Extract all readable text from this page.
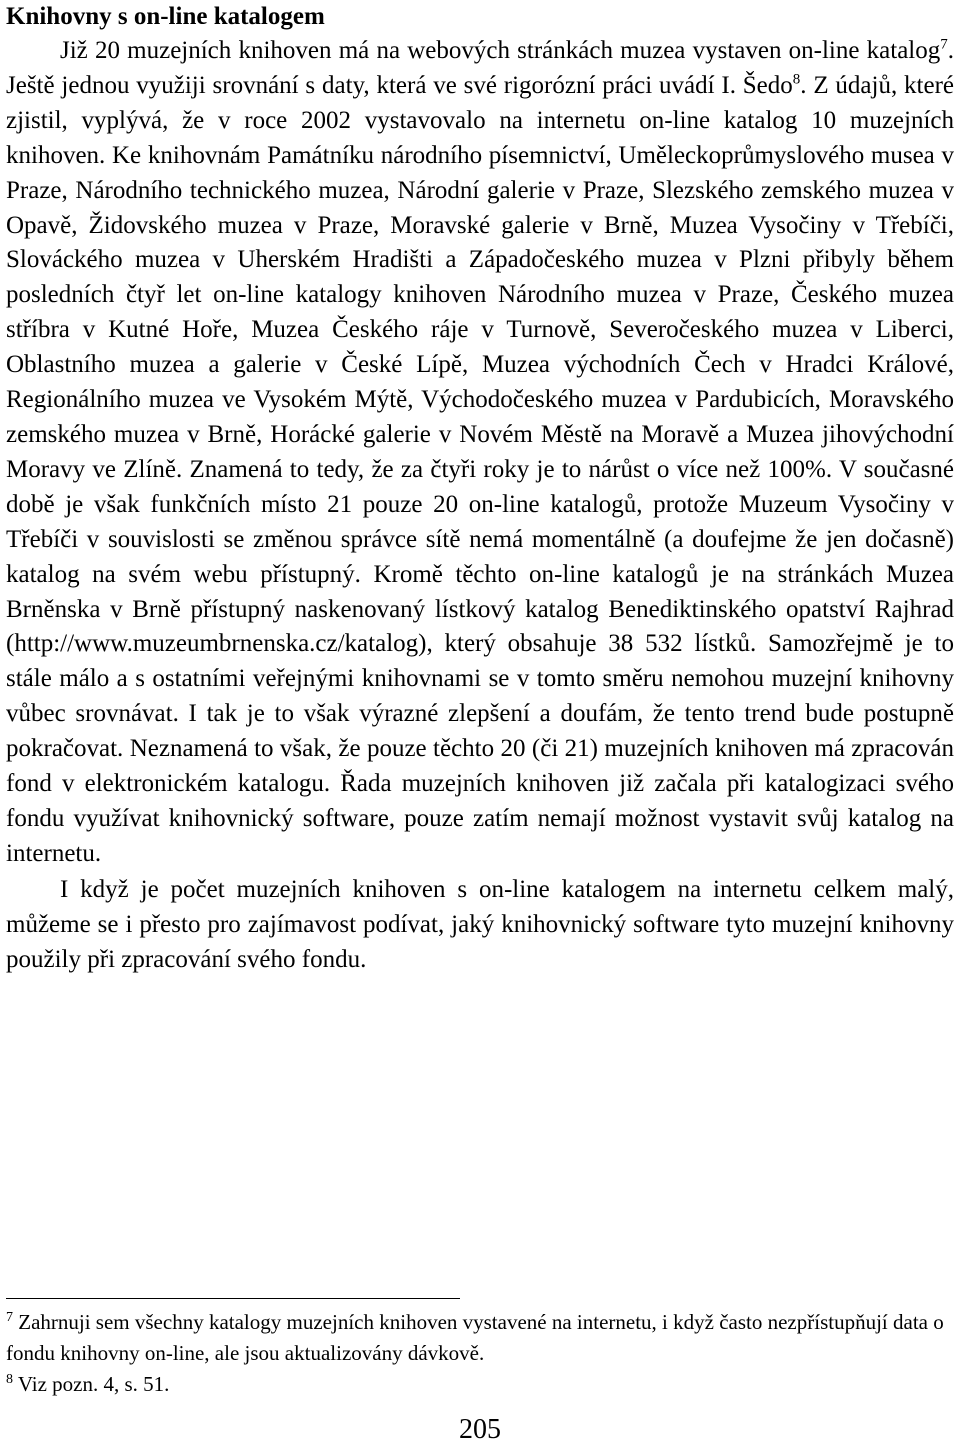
Knihovny s on-line katalogem

Již 20 muzejních knihoven má na webových stránkách muzea vystaven on-line katalog$^7$. Ještě jednou využiji srovnání s daty, která ve své rigorózní práci uvádí I. Šedo$^8$. Z údajů, které zjistil, vyplývá, že v roce 2002 vystavovalo na internetu on-line katalog 10 muzejních knihoven. Ke knihovnám Památníku národního písemnictví, Uměleckoprůmyslového musea v Praze, Národního technického muzea, Národní galerie v Praze, Slezského zemského muzea v Opavě, Židovského muzea v Praze, Moravské galerie v Brně, Muzea Vysočiny v Třebíči, Slováckého muzea v Uherském Hradišti a Západočeského muzea v Plzni přibyly během posledních čtyř let on-line katalogy knihoven Národního muzea v Praze, Českého muzea stříbra v Kutné Hoře, Muzea Českého ráje v Turnově, Severočeského muzea v Liberci, Oblastního muzea a galerie v České Lípě, Muzea východních Čech v Hradci Králové, Regionálního muzea ve Vysokém Mýtě, Východočeského muzea v Pardubicích, Moravského zemského muzea v Brně, Horácké galerie v Novém Městě na Moravě a Muzea jihovýchodní Moravy ve Zlíně. Znamená to tedy, že za čtyři roky je to nárůst o více než 100%. V současné době je však funkčních místo 21 pouze 20 on-line katalogů, protože Muzeum Vysočiny v Třebíči v souvislosti se změnou správce sítě nemá momentálně (a doufejme že jen dočasně) katalog na svém webu přístupný. Kromě těchto on-line katalogů je na stránkách Muzea Brněnska v Brně přístupný naskenovaný lístkový katalog Benediktinského opatství Rajhrad (http://www.muzeumbrnenska.cz/katalog), který obsahuje 38 532 lístků. Samozřejmě je to stále málo a s ostatními veřejnými knihovnami se v tomto směru nemohou muzejní knihovny vůbec srovnávat. I tak je to však výrazné zlepšení a doufám, že tento trend bude postupně pokračovat. Neznamená to však, že pouze těchto 20 (či 21) muzejních knihoven má zpracován fond v elektronickém katalogu. Řada muzejních knihoven již začala při katalogizaci svého fondu využívat knihovnický software, pouze zatím nemají možnost vystavit svůj katalog na internetu.

I když je počet muzejních knihoven s on-line katalogem na internetu celkem malý, můžeme se i přesto pro zajímavost podívat, jaký knihovnický software tyto muzejní knihovny použily při zpracování svého fondu.

$^7$ Zahrnuji sem všechny katalogy muzejních knihoven vystavené na internetu, i když často nezpřístupňují data o fondu knihovny on-line, ale jsou aktualizovány dávkově.

$^8$ Viz pozn. 4, s. 51.

205
